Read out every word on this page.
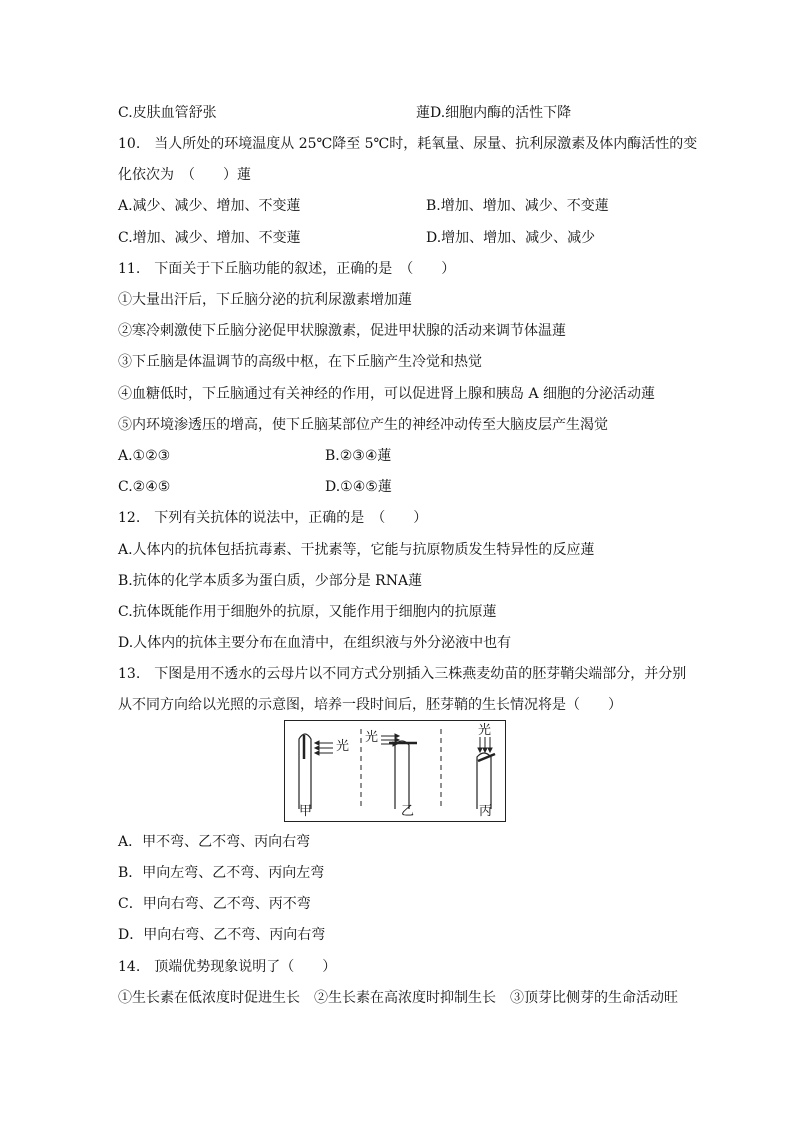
C.皮肤血管舒张	蓮D.细胞内酶的活性下降
10.　当人所处的环境温度从 25℃降至 5℃时，耗氧量、尿量、抗利尿激素及体内酶活性的变
化依次为　（　　）蓮
A.减少、减少、增加、不变蓮	B.增加、增加、减少、不变蓮
C.增加、减少、增加、不变蓮	D.增加、增加、减少、减少
11.　下面关于下丘脑功能的叙述，正确的是　（　　）
①大量出汗后，下丘脑分泌的抗利尿激素增加蓮
②寒冷刺激使下丘脑分泌促甲状腺激素，促进甲状腺的活动来调节体温蓮
③下丘脑是体温调节的高级中枢，在下丘脑产生冷觉和热觉
④血糖低时，下丘脑通过有关神经的作用，可以促进肾上腺和胰岛 A 细胞的分泌活动蓮
⑤内环境渗透压的增高，使下丘脑某部位产生的神经冲动传至大脑皮层产生渴觉
A.①②③	B.②③④蓮
C.②④⑤	D.①④⑤蓮
12.　下列有关抗体的说法中，正确的是　（　　）
A.人体内的抗体包括抗毒素、干扰素等，它能与抗原物质发生特异性的反应蓮
B.抗体的化学本质多为蛋白质，少部分是 RNA蓮
C.抗体既能作用于细胞外的抗原，又能作用于细胞内的抗原蓮
D.人体内的抗体主要分布在血清中，在组织液与外分泌液中也有
13.　下图是用不透水的云母片以不同方式分别插入三株燕麦幼苗的胚芽鞘尖端部分，并分别
从不同方向给以光照的示意图，培养一段时间后，胚芽鞘的生长情况将是（　　）
光
光	光
甲	乙	丙
A．甲不弯、乙不弯、丙向右弯
B．甲向左弯、乙不弯、丙向左弯
C．甲向右弯、乙不弯、丙不弯
D．甲向右弯、乙不弯、丙向右弯
14.　顶端优势现象说明了（　　）
①生长素在低浓度时促进生长　②生长素在高浓度时抑制生长　③顶芽比侧芽的生命活动旺
